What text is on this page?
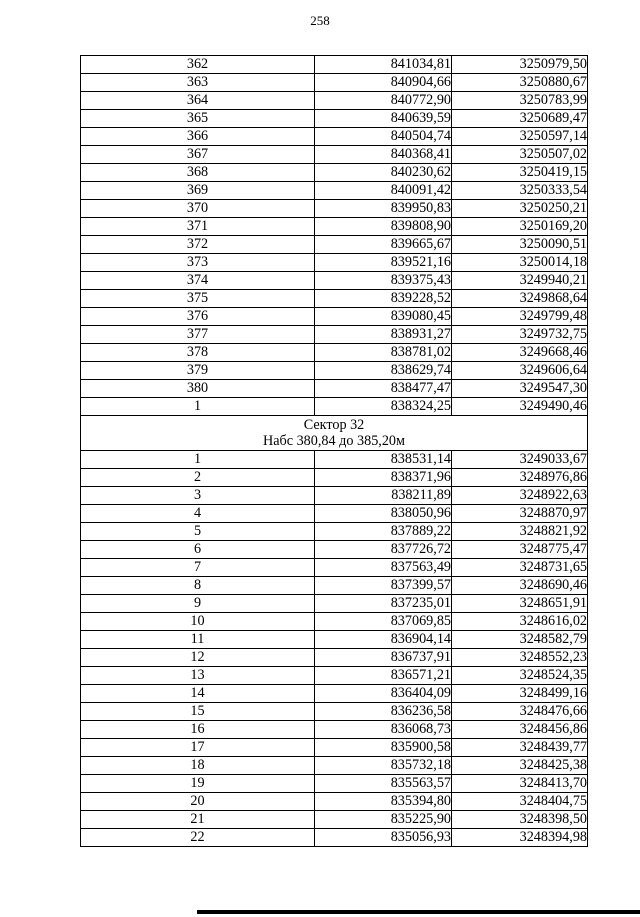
258
362	841034,81	3250979,50
363	840904,66	3250880,67
364	840772,90	3250783,99
365	840639,59	3250689,47
366	840504,74	3250597,14
367	840368,41	3250507,02
368	840230,62	3250419,15
369	840091,42	3250333,54
370	839950,83	3250250,21
371	839808,90	3250169,20
372	839665,67	3250090,51
373	839521,16	3250014,18
374	839375,43	3249940,21
375	839228,52	3249868,64
376	839080,45	3249799,48
377	838931,27	3249732,75
378	838781,02	3249668,46
379	838629,74	3249606,64
380	838477,47	3249547,30
1	838324,25	3249490,46

Сектор 32
Набс 380,84 до 385,20м		

1	838531,14	3249033,67
2	838371,96	3248976,86
3	838211,89	3248922,63
4	838050,96	3248870,97
5	837889,22	3248821,92
6	837726,72	3248775,47
7	837563,49	3248731,65
8	837399,57	3248690,46
9	837235,01	3248651,91
10	837069,85	3248616,02
11	836904,14	3248582,79
12	836737,91	3248552,23
13	836571,21	3248524,35
14	836404,09	3248499,16
15	836236,58	3248476,66
16	836068,73	3248456,86
17	835900,58	3248439,77
18	835732,18	3248425,38
19	835563,57	3248413,70
20	835394,80	3248404,75
21	835225,90	3248398,50
22	835056,93	3248394,98
